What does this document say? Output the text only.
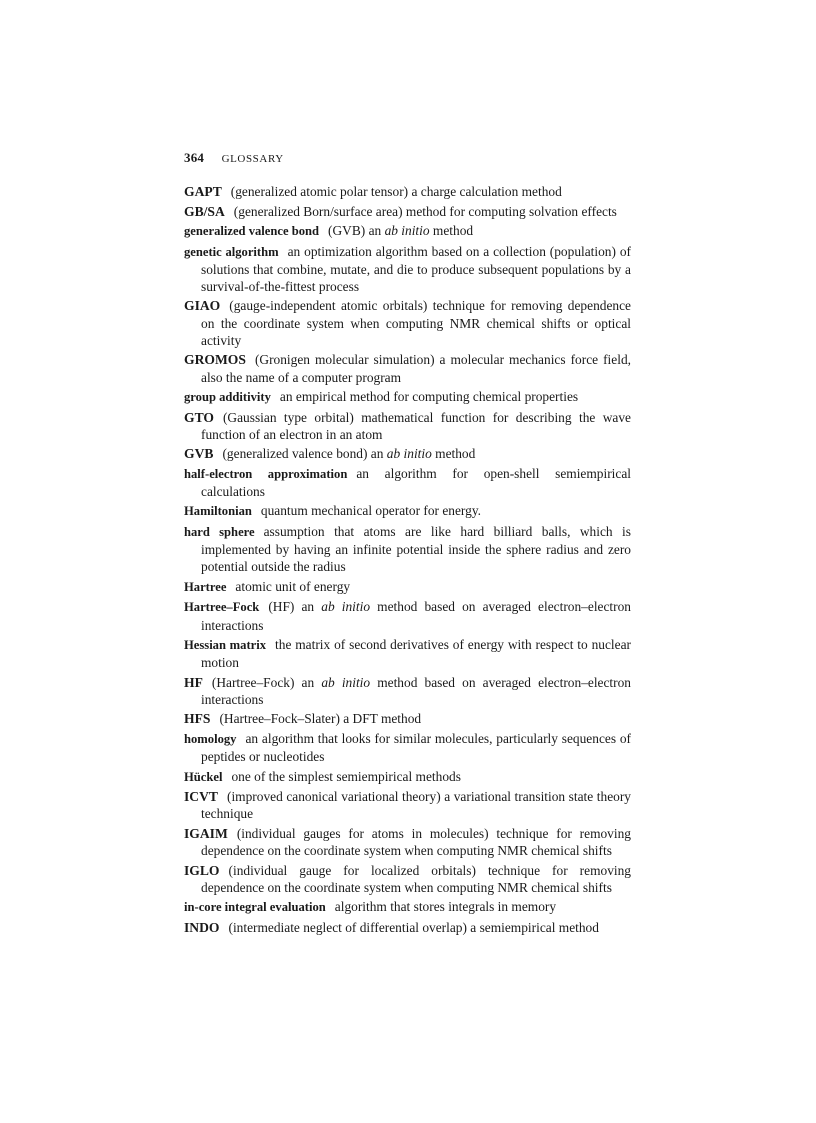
364 GLOSSARY
GAPT (generalized atomic polar tensor) a charge calculation method
GB/SA (generalized Born/surface area) method for computing solvation effects
generalized valence bond (GVB) an ab initio method
genetic algorithm an optimization algorithm based on a collection (population) of solutions that combine, mutate, and die to produce subsequent populations by a survival-of-the-fittest process
GIAO (gauge-independent atomic orbitals) technique for removing dependence on the coordinate system when computing NMR chemical shifts or optical activity
GROMOS (Gronigen molecular simulation) a molecular mechanics force field, also the name of a computer program
group additivity an empirical method for computing chemical properties
GTO (Gaussian type orbital) mathematical function for describing the wave function of an electron in an atom
GVB (generalized valence bond) an ab initio method
half-electron approximation an algorithm for open-shell semiempirical calculations
Hamiltonian quantum mechanical operator for energy.
hard sphere assumption that atoms are like hard billiard balls, which is implemented by having an infinite potential inside the sphere radius and zero potential outside the radius
Hartree atomic unit of energy
Hartree–Fock (HF) an ab initio method based on averaged electron–electron interactions
Hessian matrix the matrix of second derivatives of energy with respect to nuclear motion
HF (Hartree–Fock) an ab initio method based on averaged electron–electron interactions
HFS (Hartree–Fock–Slater) a DFT method
homology an algorithm that looks for similar molecules, particularly sequences of peptides or nucleotides
Hückel one of the simplest semiempirical methods
ICVT (improved canonical variational theory) a variational transition state theory technique
IGAIM (individual gauges for atoms in molecules) technique for removing dependence on the coordinate system when computing NMR chemical shifts
IGLO (individual gauge for localized orbitals) technique for removing dependence on the coordinate system when computing NMR chemical shifts
in-core integral evaluation algorithm that stores integrals in memory
INDO (intermediate neglect of differential overlap) a semiempirical method
